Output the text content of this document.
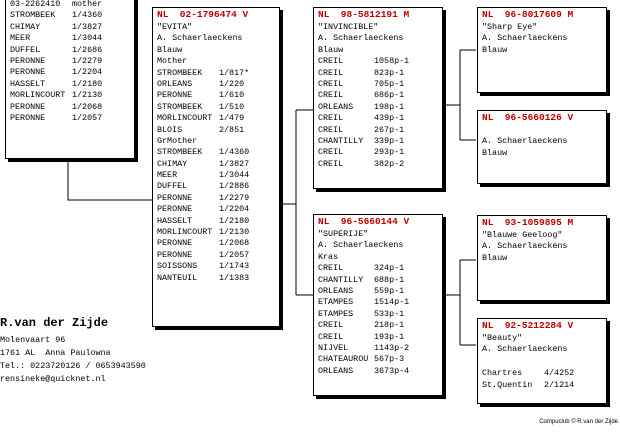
03-2262410	mother
STROMBEEK	1/4360
CHIMAY	1/3827
MEER	1/3044
DUFFEL	1/2686
PERONNE	1/2279
PERONNE	1/2204
HASSELT	1/2180
MORLINCOURT 1/2130
PERONNE	1/2068
PERONNE	1/2057
NL  02-1796474 V
"EVITA"
A. Schaerlaeckens
Blauw
Mother
STROMBEEK	1/817*
ORLEANS	1/220
PERONNE	1/610
STROMBEEK	1/510
MORLINCOURT 1/479
BLOIS	2/851
GrMother
STROMBEEK	1/4360
CHIMAY	1/3827
MEER	1/3044
DUFFEL	1/2886
PERONNE	1/2279
PERONNE	1/2204
HASSELT	1/2180
MORLINCOURT 1/2130
PERONNE	1/2068
PERONNE	1/2057
SOISSONS	1/1743
NANTEUIL	1/1383
NL  98-5812191 M
"INVINCIBLE"
A. Schaerlaeckens
Blauw
CREIL	1058p-1
CREIL	823p-1
CREIL	705p-1
CREIL	686p-1
ORLEANS	198p-1
CREIL	439p-1
CREIL	267p-1
CHANTILLY	339p-1
CREIL	293p-1
CREIL	382p-2
NL  96-5660144 V
"SUPERIJE"
A. Schaerlaeckens
Kras
CREIL	324p-1
CHANTILLY	688p-1
ORLEANS	559p-1
ETAMPES	1514p-1
ETAMPES	533p-1
CREIL	218p-1
CREIL	193p-1
NIJVEL	1143p-2
CHATEAUROU 567p-3
ORLEANS	3673p-4
NL  96-8017609 M
"Sharp Eye"
A. Schaerlaeckens
Blauw
NL  96-5660126 V
A. Schaerlaeckens
Blauw
NL  93-1059895 M
"Blauwe Geeloog"
A. Schaerlaeckens
Blauw
NL  92-5212284 V
"Beauty"
A. Schaerlaeckens
Chartres	4/4252
St.Quentin	2/1214
R.van der Zijde
Molenvaart 96
1761 AL  Anna Paulowna
Tel.: 0223720126 / 0653943590
rensineke@quicknet.nl
Compuclub © R.van der Zijde
